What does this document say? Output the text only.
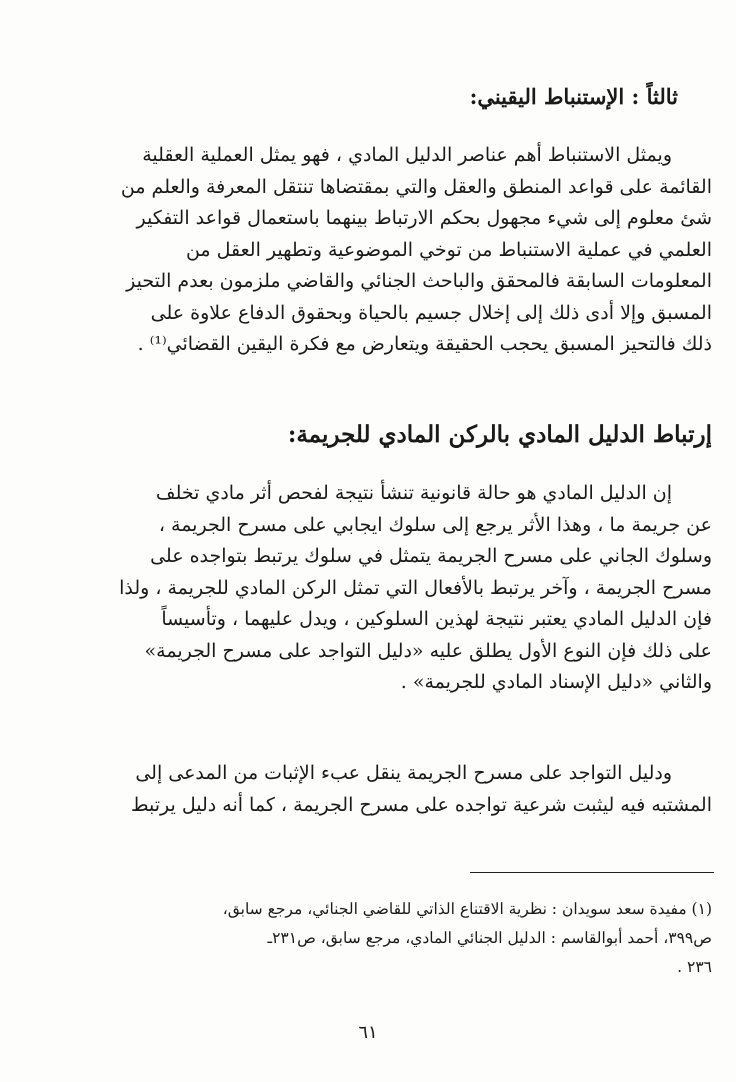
ثالثاً : الإستنباط اليقيني:
ويمثل الاستنباط أهم عناصر الدليل المادي ، فهو يمثل العملية العقلية
القائمة على قواعد المنطق والعقل والتي بمقتضاها تنتقل المعرفة والعلم من
شئ معلوم إلى شيء مجهول بحكم الارتباط بينهما باستعمال قواعد التفكير
العلمي في عملية الاستنباط من توخي الموضوعية وتطهير العقل من
المعلومات السابقة فالمحقق والباحث الجنائي والقاضي ملزمون بعدم التحيز
المسبق وإلا أدى ذلك إلى إخلال جسيم بالحياة وبحقوق الدفاع علاوة على
ذلك فالتحيز المسبق يحجب الحقيقة ويتعارض مع فكرة اليقين القضائي⁽¹⁾ .
إرتباط الدليل المادي بالركن المادي للجريمة:
إن الدليل المادي هو حالة قانونية تنشأ نتيجة لفحص أثر مادي تخلف
عن جريمة ما ، وهذا الأثر يرجع إلى سلوك ايجابي على مسرح الجريمة ،
وسلوك الجاني على مسرح الجريمة يتمثل في سلوك يرتبط بتواجده على
مسرح الجريمة ، وآخر يرتبط بالأفعال التي تمثل الركن المادي للجريمة ، ولذا
فإن الدليل المادي يعتبر نتيجة لهذين السلوكين ، ويدل عليهما ، وتأسيساً
على ذلك فإن النوع الأول يطلق عليه «دليل التواجد على مسرح الجريمة»
والثاني «دليل الإسناد المادي للجريمة» .
ودليل التواجد على مسرح الجريمة ينقل عبء الإثبات من المدعى إلى
المشتبه فيه ليثبت شرعية تواجده على مسرح الجريمة ، كما أنه دليل يرتبط
(١) مفيدة سعد سويدان : نظرية الاقتناع الذاتي للقاضي الجنائي، مرجع سابق،
ص٣٩٩، أحمد أبوالقاسم : الدليل الجنائي المادي، مرجع سابق، ص٢٣١ـ
٢٣٦ .
٦١
